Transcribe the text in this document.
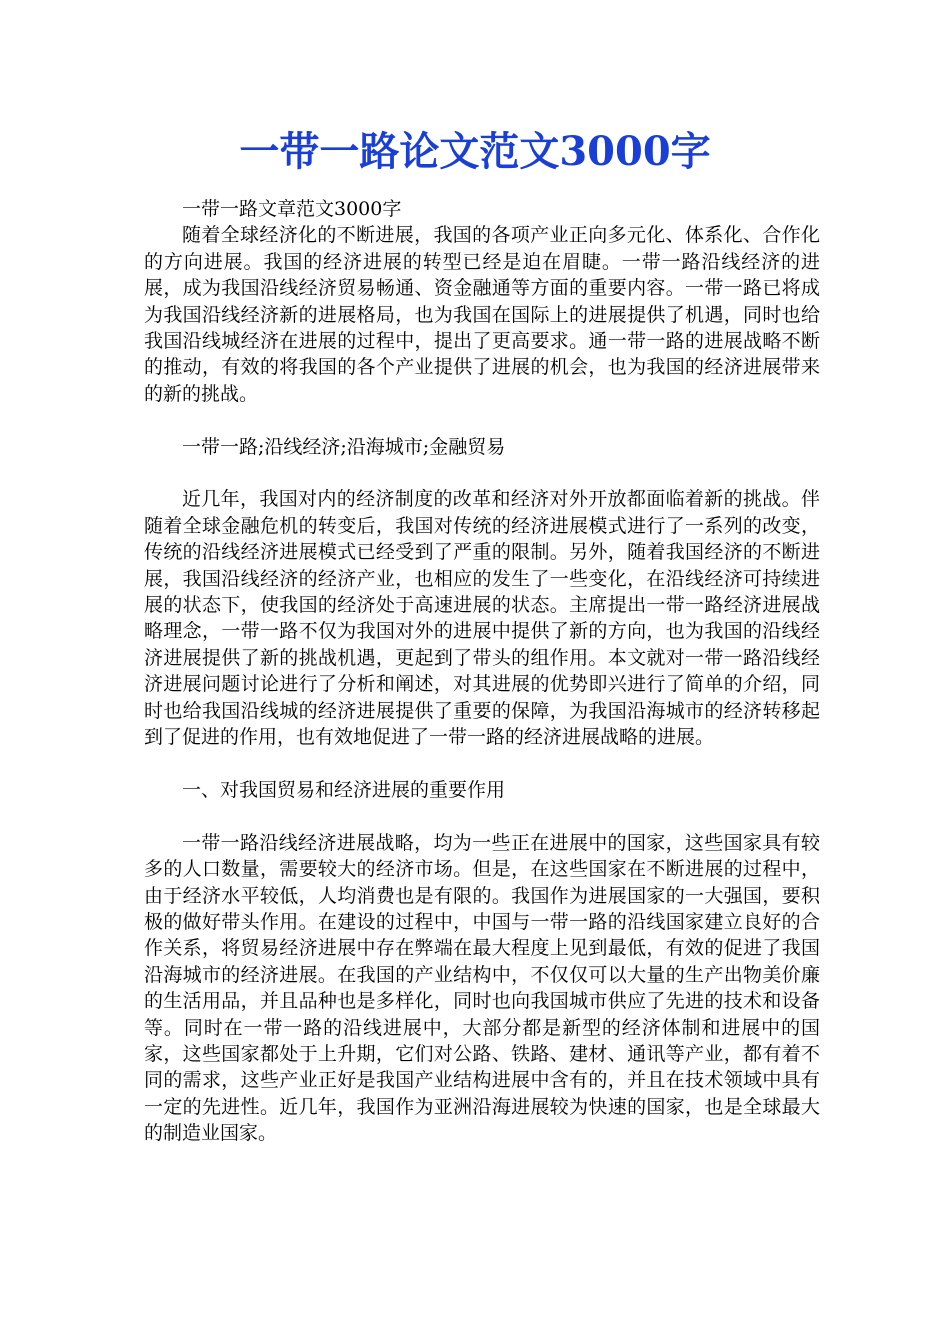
一带一路论文范文3000字

一带一路文章范文3000字

随着全球经济化的不断进展，我国的各项产业正向多元化、体系化、合作化的方向进展。我国的经济进展的转型已经是迫在眉睫。一带一路沿线经济的进展，成为我国沿线经济贸易畅通、资金融通等方面的重要内容。一带一路已将成为我国沿线经济新的进展格局，也为我国在国际上的进展提供了机遇，同时也给我国沿线城经济在进展的过程中，提出了更高要求。通一带一路的进展战略不断的推动，有效的将我国的各个产业提供了进展的机会，也为我国的经济进展带来的新的挑战。

一带一路;沿线经济;沿海城市;金融贸易

近几年，我国对内的经济制度的改革和经济对外开放都面临着新的挑战。伴随着全球金融危机的转变后，我国对传统的经济进展模式进行了一系列的改变，传统的沿线经济进展模式已经受到了严重的限制。另外，随着我国经济的不断进展，我国沿线经济的经济产业，也相应的发生了一些变化，在沿线经济可持续进展的状态下，使我国的经济处于高速进展的状态。主席提出一带一路经济进展战略理念，一带一路不仅为我国对外的进展中提供了新的方向，也为我国的沿线经济进展提供了新的挑战机遇，更起到了带头的组作用。本文就对一带一路沿线经济进展问题讨论进行了分析和阐述，对其进展的优势即兴进行了简单的介绍，同时也给我国沿线城的经济进展提供了重要的保障，为我国沿海城市的经济转移起到了促进的作用，也有效地促进了一带一路的经济进展战略的进展。

一、对我国贸易和经济进展的重要作用

一带一路沿线经济进展战略，均为一些正在进展中的国家，这些国家具有较多的人口数量，需要较大的经济市场。但是，在这些国家在不断进展的过程中，由于经济水平较低，人均消费也是有限的。我国作为进展国家的一大强国，要积极的做好带头作用。在建设的过程中，中国与一带一路的沿线国家建立良好的合作关系，将贸易经济进展中存在弊端在最大程度上见到最低，有效的促进了我国沿海城市的经济进展。在我国的产业结构中，不仅仅可以大量的生产出物美价廉的生活用品，并且品种也是多样化，同时也向我国城市供应了先进的技术和设备等。同时在一带一路的沿线进展中，大部分都是新型的经济体制和进展中的国家，这些国家都处于上升期，它们对公路、铁路、建材、通讯等产业，都有着不同的需求，这些产业正好是我国产业结构进展中含有的，并且在技术领域中具有一定的先进性。近几年，我国作为亚洲沿海进展较为快速的国家，也是全球最大的制造业国家。
